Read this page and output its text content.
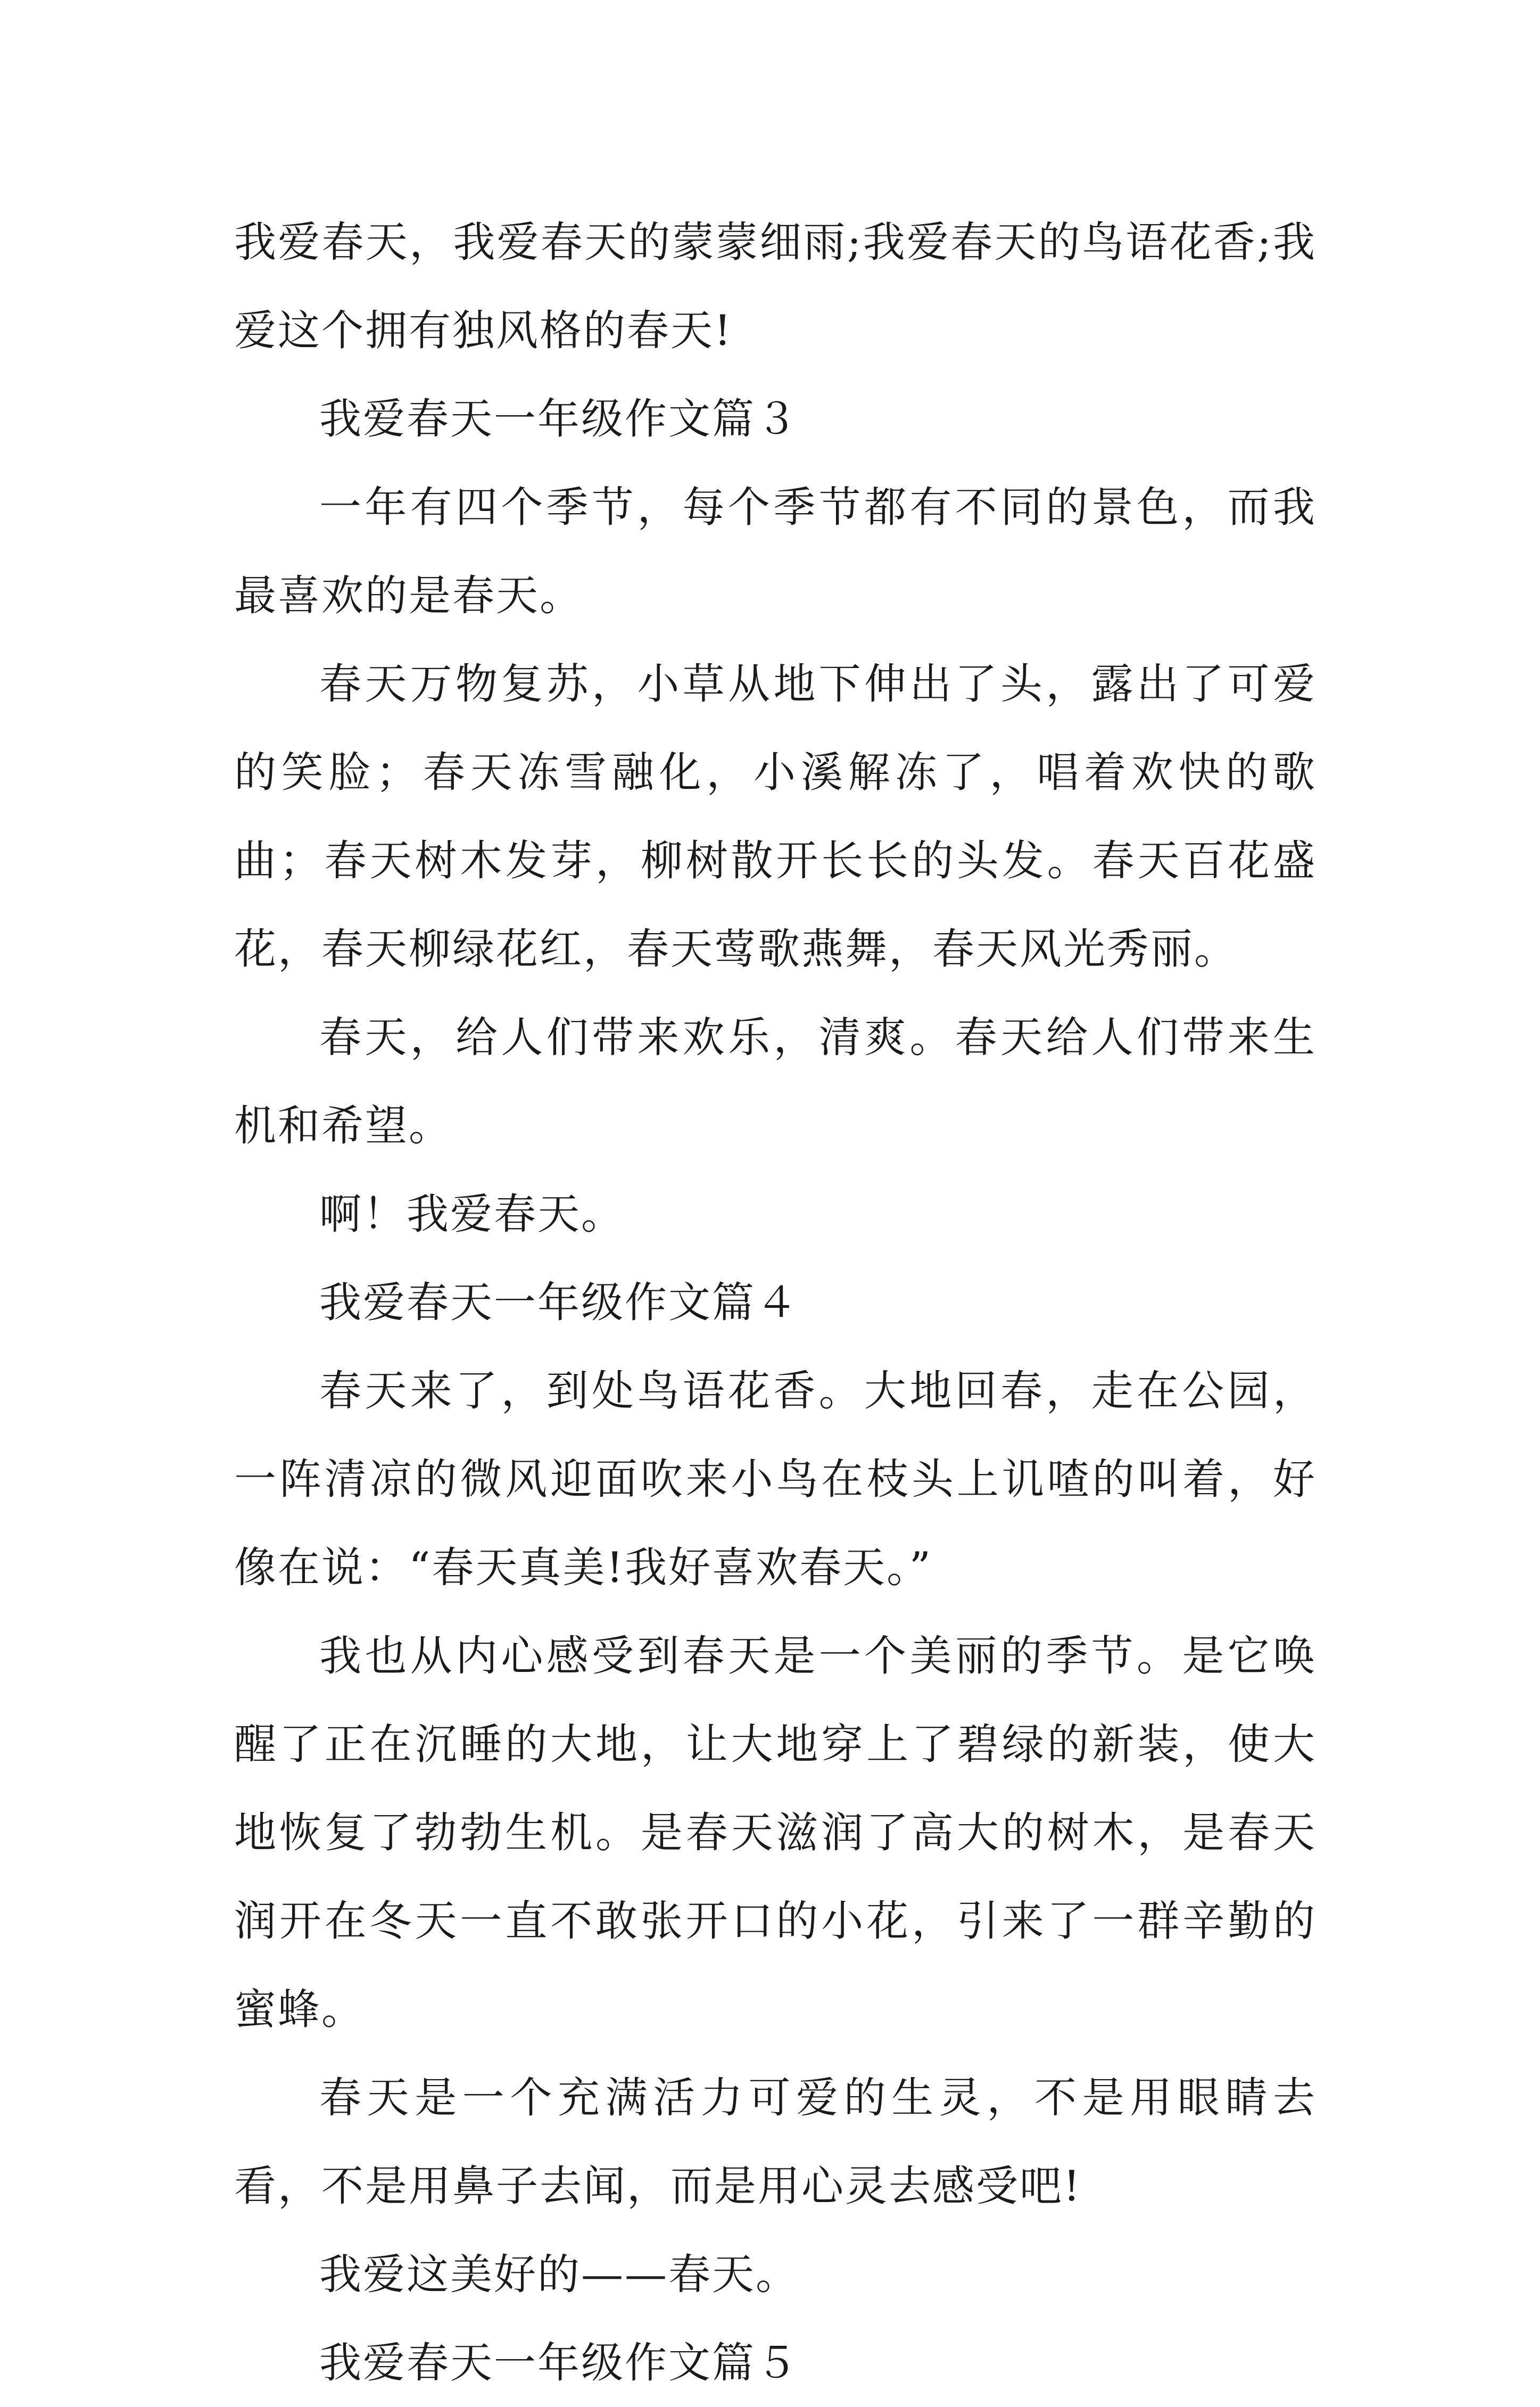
我爱春天，我爱春天的蒙蒙细雨;我爱春天的鸟语花香;我爱这个拥有独风格的春天!

我爱春天一年级作文篇３

一年有四个季节，每个季节都有不同的景色，而我最喜欢的是春天。

春天万物复苏，小草从地下伸出了头，露出了可爱的笑脸；春天冻雪融化，小溪解冻了，唱着欢快的歌曲；春天树木发芽，柳树散开长长的头发。春天百花盛花，春天柳绿花红，春天莺歌燕舞，春天风光秀丽。

春天，给人们带来欢乐，清爽。春天给人们带来生机和希望。

啊！我爱春天。

我爱春天一年级作文篇４

春天来了，到处鸟语花香。大地回春，走在公园，一阵清凉的微风迎面吹来小鸟在枝头上讥喳的叫着，好像在说：“春天真美!我好喜欢春天。”

我也从内心感受到春天是一个美丽的季节。是它唤醒了正在沉睡的大地，让大地穿上了碧绿的新装，使大地恢复了勃勃生机。是春天滋润了高大的树木，是春天润开在冬天一直不敢张开口的小花，引来了一群辛勤的蜜蜂。

春天是一个充满活力可爱的生灵，不是用眼睛去看，不是用鼻子去闻，而是用心灵去感受吧!

我爱这美好的——春天。

我爱春天一年级作文篇５
